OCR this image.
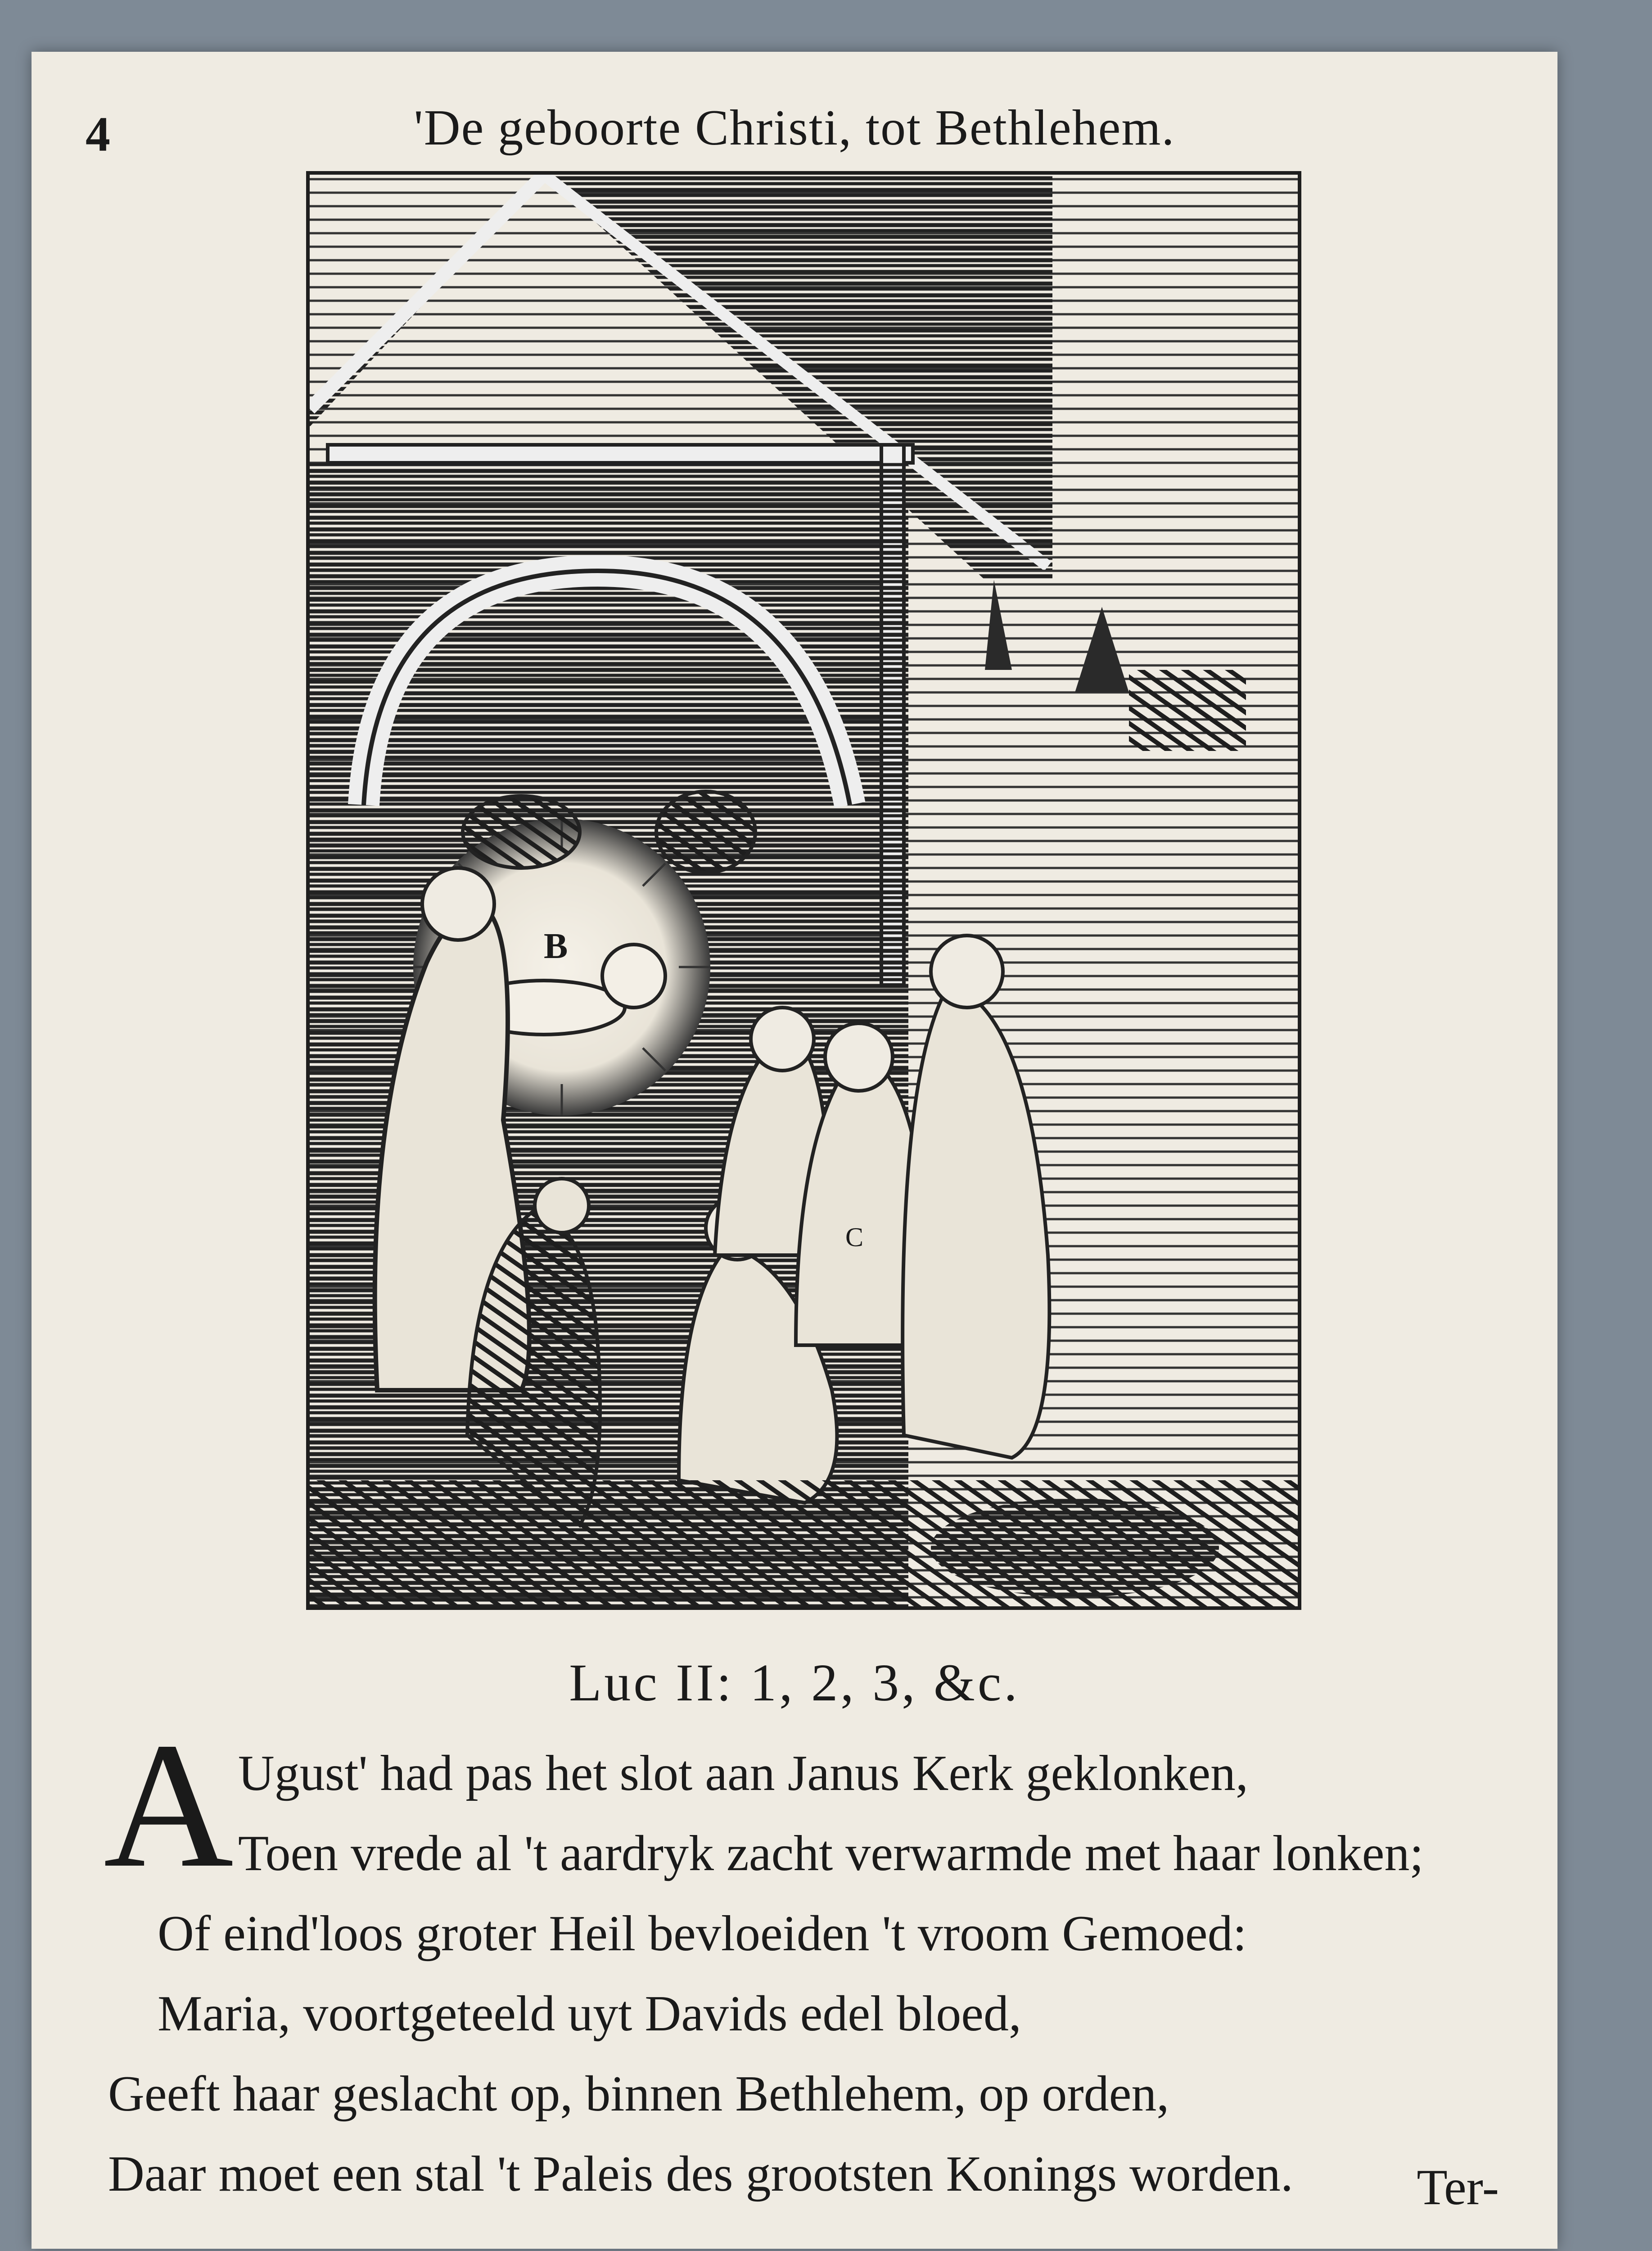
4	'De geboorte Christi, tot Bethlehem.
B
C
Luc II: 1, 2, 3, &c.
A Ugust' had pas het slot aan Janus Kerk geklonken,
Toen vrede al 't aardryk zacht verwarmde met haar lonken;
Of eind'loos groter Heil bevloeiden 't vroom Gemoed:
Maria, voortgeteeld uyt Davids edel bloed,
Geeft haar geslacht op, binnen Bethlehem, op orden,
Daar moet een stal 't Paleis des grootsten Konings worden.	Ter-
